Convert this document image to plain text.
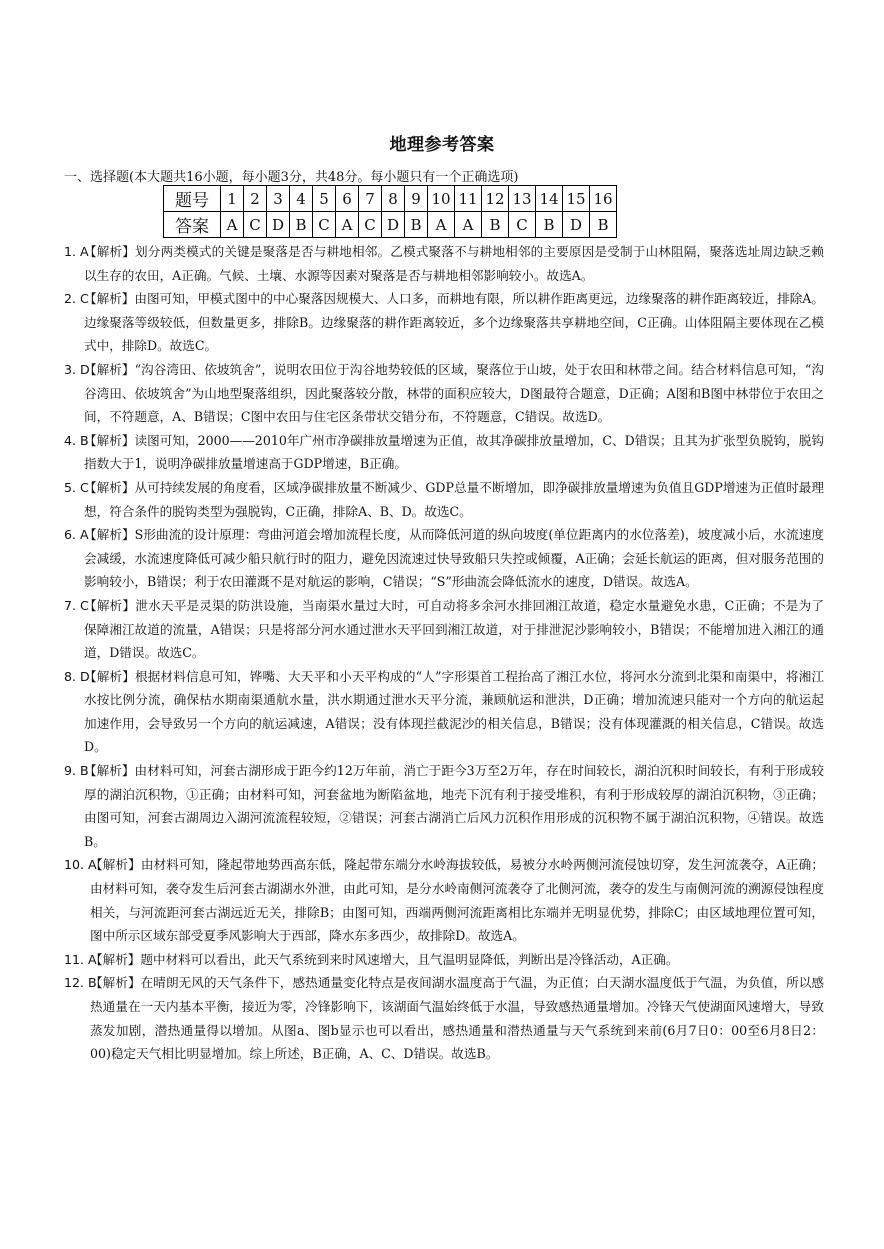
地理参考答案
一、选择题(本大题共16小题，每小题3分，共48分。每小题只有一个正确选项)
题号	1	2	3	4	5	6	7	8	9	10	11	12	13	14	15	16
答案	A	C	D	B	C	A	C	D	B	A	A	B	C	B	D	B
1. A

【解析】划分两类模式的关键是聚落是否与耕地相邻。乙模式聚落不与耕地相邻的主要原因是受制于山林阻隔，聚落选址周边缺乏赖以生存的农田，A正确。气候、土壤、水源等因素对聚落是否与耕地相邻影响较小。故选A。

2. C

【解析】由图可知，甲模式图中的中心聚落因规模大、人口多，而耕地有限，所以耕作距离更远，边缘聚落的耕作距离较近，排除A。边缘聚落等级较低，但数量更多，排除B。边缘聚落的耕作距离较近，多个边缘聚落共享耕地空间，C正确。山体阻隔主要体现在乙模式中，排除D。故选C。

3. D

【解析】“沟谷湾田、依坡筑舍”，说明农田位于沟谷地势较低的区域，聚落位于山坡，处于农田和林带之间。结合材料信息可知，“沟谷湾田、依坡筑舍”为山地型聚落组织，因此聚落较分散，林带的面积应较大，D图最符合题意，D正确；A图和B图中林带位于农田之间，不符题意，A、B错误；C图中农田与住宅区条带状交错分布，不符题意，C错误。故选D。

4. B

【解析】读图可知，2000——2010年广州市净碳排放量增速为正值，故其净碳排放量增加，C、D错误；且其为扩张型负脱钩，脱钩指数大于1，说明净碳排放量增速高于GDP增速，B正确。

5. C

【解析】从可持续发展的角度看，区域净碳排放量不断减少、GDP总量不断增加，即净碳排放量增速为负值且GDP增速为正值时最理想，符合条件的脱钩类型为强脱钩，C正确，排除A、B、D。故选C。

6. A

【解析】S形曲流的设计原理：弯曲河道会增加流程长度，从而降低河道的纵向坡度(单位距离内的水位落差)，坡度减小后，水流速度会减缓，水流速度降低可减少船只航行时的阻力，避免因流速过快导致船只失控或倾覆，A正确；会延长航运的距离，但对服务范围的影响较小，B错误；利于农田灌溉不是对航运的影响，C错误；“S”形曲流会降低流水的速度，D错误。故选A。

7. C

【解析】泄水天平是灵渠的防洪设施，当南渠水量过大时，可自动将多余河水排回湘江故道，稳定水量避免水患，C正确；不是为了保障湘江故道的流量，A错误；只是将部分河水通过泄水天平回到湘江故道，对于排泄泥沙影响较小，B错误；不能增加进入湘江的通道，D错误。故选C。

8. D

【解析】根据材料信息可知，铧嘴、大天平和小天平构成的“人”字形渠首工程抬高了湘江水位，将河水分流到北渠和南渠中，将湘江水按比例分流，确保枯水期南渠通航水量，洪水期通过泄水天平分流，兼顾航运和泄洪，D正确；增加流速只能对一个方向的航运起加速作用，会导致另一个方向的航运减速，A错误；没有体现拦截泥沙的相关信息，B错误；没有体现灌溉的相关信息，C错误。故选D。

9. B

【解析】由材料可知，河套古湖形成于距今约12万年前，消亡于距今3万至2万年，存在时间较长，湖泊沉积时间较长，有利于形成较厚的湖泊沉积物，①正确；由材料可知，河套盆地为断陷盆地，地壳下沉有利于接受堆积，有利于形成较厚的湖泊沉积物，③正确；由图可知，河套古湖周边入湖河流流程较短，②错误；河套古湖消亡后风力沉积作用形成的沉积物不属于湖泊沉积物，④错误。故选B。

10. A

【解析】由材料可知，隆起带地势西高东低，隆起带东端分水岭海拔较低，易被分水岭两侧河流侵蚀切穿，发生河流袭夺，A正确；由材料可知，袭夺发生后河套古湖湖水外泄，由此可知，是分水岭南侧河流袭夺了北侧河流，袭夺的发生与南侧河流的溯源侵蚀程度相关，与河流距河套古湖远近无关，排除B；由图可知，西端两侧河流距离相比东端并无明显优势，排除C；由区域地理位置可知，图中所示区域东部受夏季风影响大于西部，降水东多西少，故排除D。故选A。

11. A

【解析】题中材料可以看出，此天气系统到来时风速增大，且气温明显降低，判断出是冷锋活动，A正确。

12. B

【解析】在晴朗无风的天气条件下，感热通量变化特点是夜间湖水温度高于气温，为正值；白天湖水温度低于气温，为负值，所以感热通量在一天内基本平衡，接近为零，冷锋影响下，该湖面气温始终低于水温，导致感热通量增加。冷锋天气使湖面风速增大，导致蒸发加剧，潜热通量得以增加。从图a、图b显示也可以看出，感热通量和潜热通量与天气系统到来前(6月7日0：00至6月8日2：00)稳定天气相比明显增加。综上所述，B正确，A、C、D错误。故选B。
